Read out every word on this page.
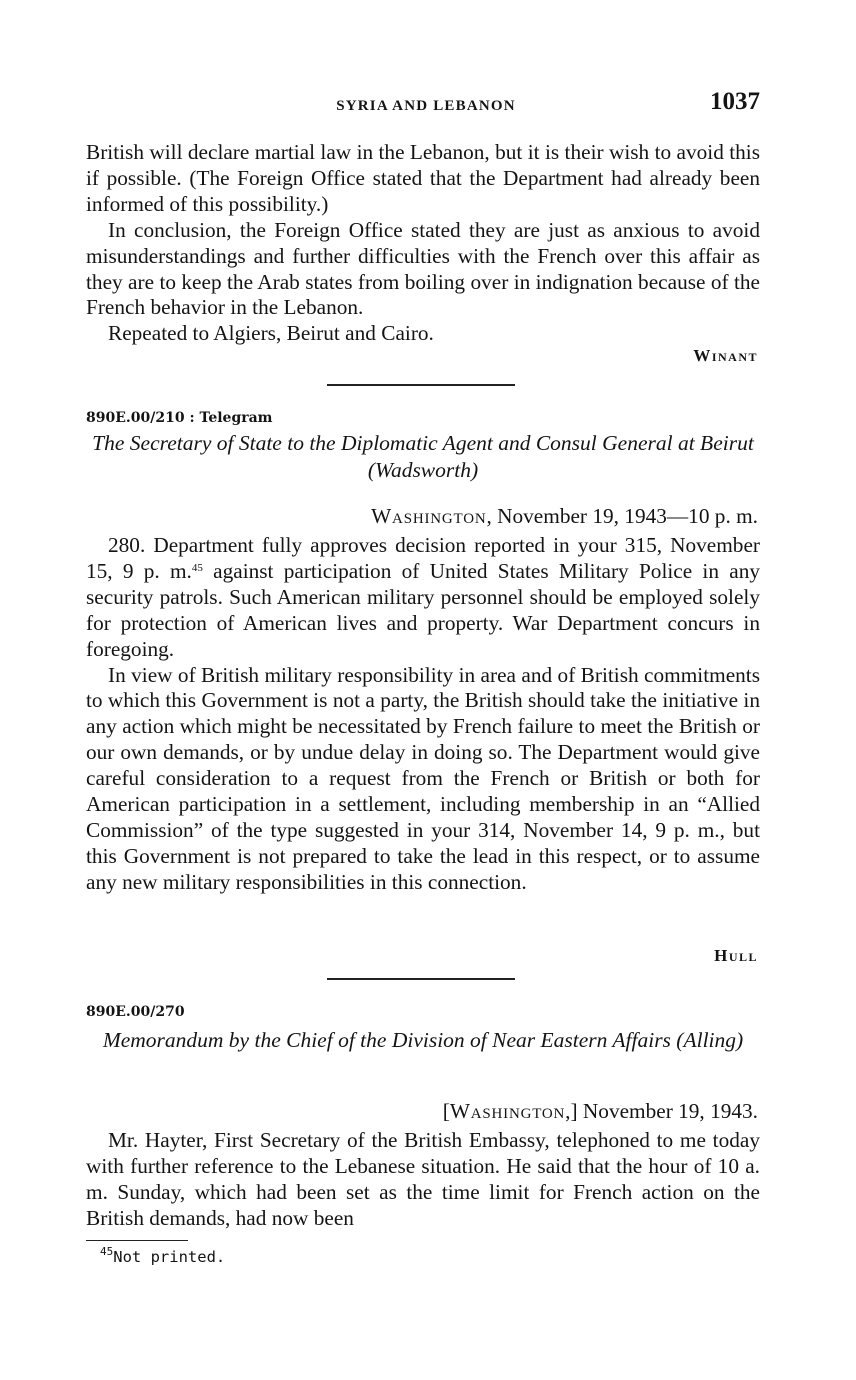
SYRIA AND LEBANON	1037

British will declare martial law in the Lebanon, but it is their wish to avoid this if possible. (The Foreign Office stated that the Department had already been informed of this possibility.)

In conclusion, the Foreign Office stated they are just as anxious to avoid misunderstandings and further difficulties with the French over this affair as they are to keep the Arab states from boiling over in indignation because of the French behavior in the Lebanon.

Repeated to Algiers, Beirut and Cairo.

Winant
890E.00/210 : Telegram
The Secretary of State to the Diplomatic Agent and Consul General at Beirut (Wadsworth)
Washington, November 19, 1943—10 p. m.

280. Department fully approves decision reported in your 315, November 15, 9 p. m.$^{45}$ against participation of United States Military Police in any security patrols. Such American military personnel should be employed solely for protection of American lives and property. War Department concurs in foregoing.

In view of British military responsibility in area and of British commitments to which this Government is not a party, the British should take the initiative in any action which might be necessitated by French failure to meet the British or our own demands, or by undue delay in doing so. The Department would give careful consideration to a request from the French or British or both for American participation in a settlement, including membership in an “Allied Commission” of the type suggested in your 314, November 14, 9 p. m., but this Government is not prepared to take the lead in this respect, or to assume any new military responsibilities in this connection.

Hull
890E.00/270
Memorandum by the Chief of the Division of Near Eastern Affairs (Alling)
[Washington,] November 19, 1943.

Mr. Hayter, First Secretary of the British Embassy, telephoned to me today with further reference to the Lebanese situation. He said that the hour of 10 a. m. Sunday, which had been set as the time limit for French action on the British demands, had now been

$^{45}$Not printed.
